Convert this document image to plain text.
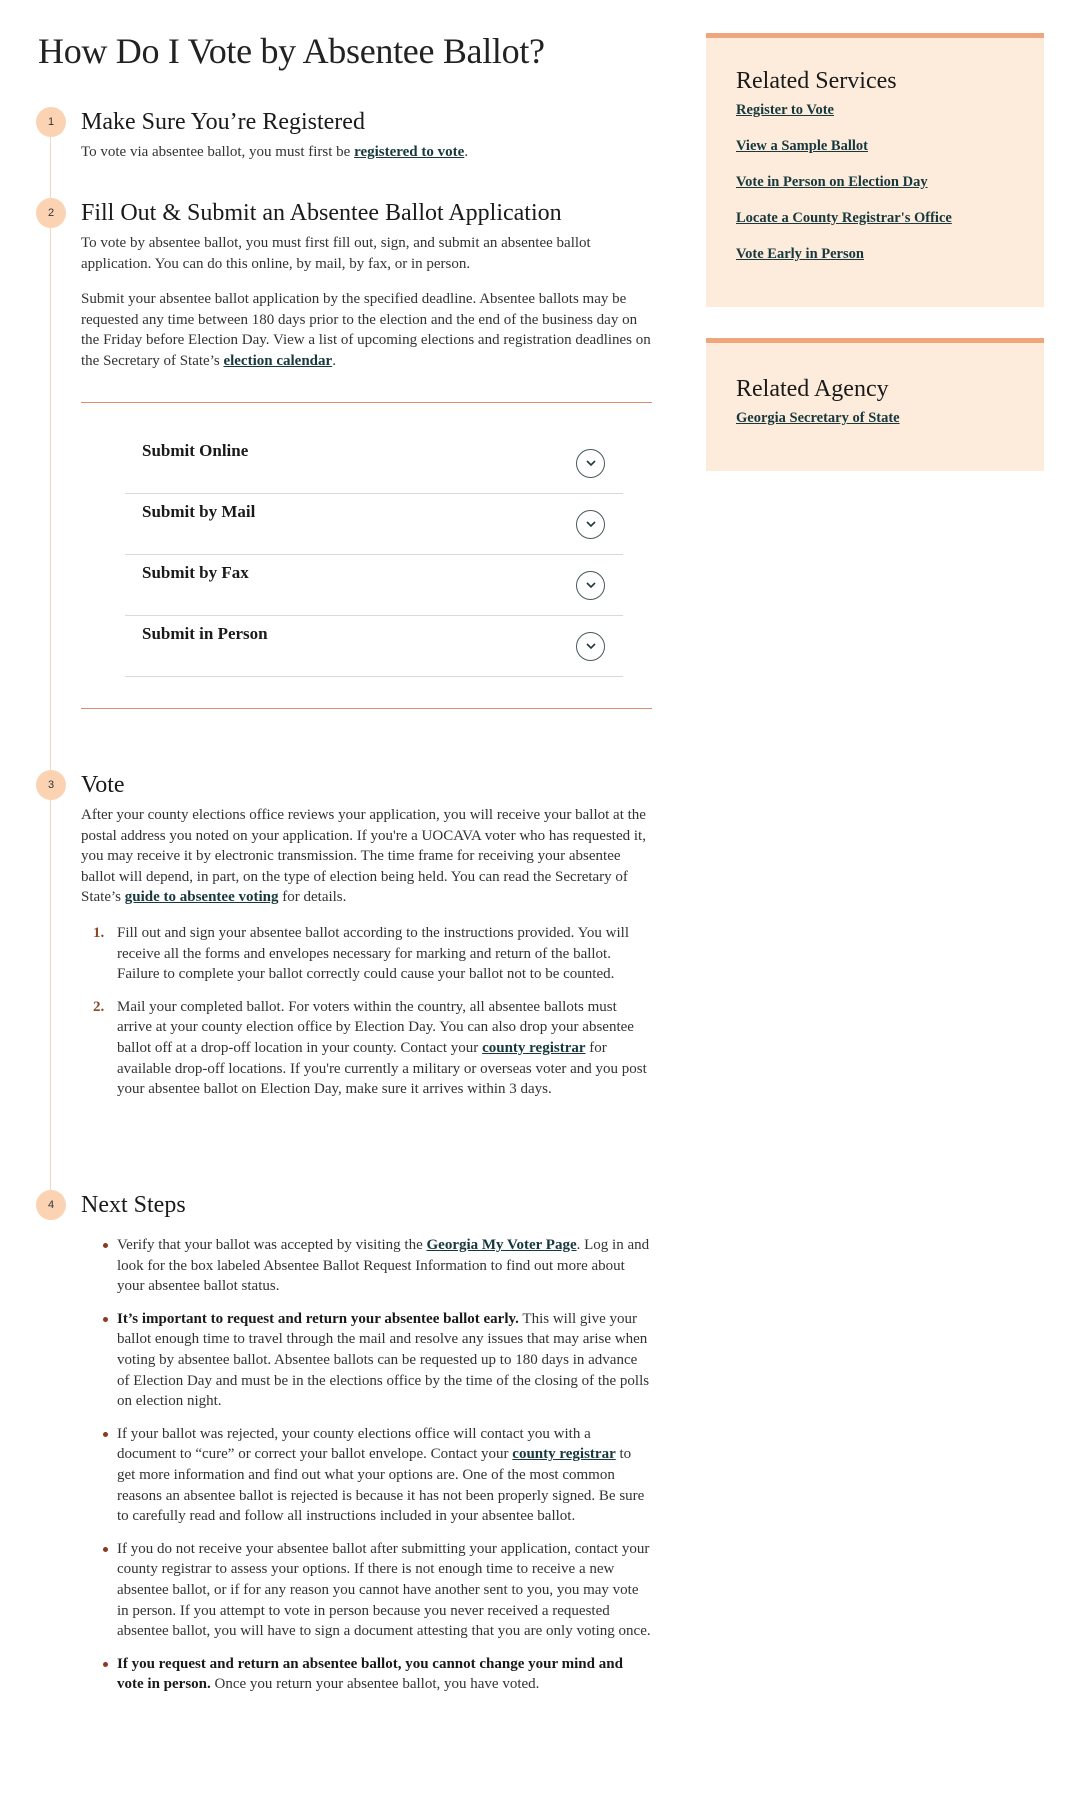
How Do I Vote by Absentee Ballot?
1	Make Sure You’re Registered

To vote via absentee ballot, you must first be registered to vote.

2	Fill Out & Submit an Absentee Ballot Application

To vote by absentee ballot, you must first fill out, sign, and submit an absentee ballot application. You can do this online, by mail, by fax, or in person.

Submit your absentee ballot application by the specified deadline. Absentee ballots may be requested any time between 180 days prior to the election and the end of the business day on the Friday before Election Day. View a list of upcoming elections and registration deadlines on the Secretary of State’s election calendar.

Submit Online
Submit by Mail
Submit by Fax
Submit in Person
3	Vote

After your county elections office reviews your application, you will receive your ballot at the postal address you noted on your application. If you're a UOCAVA voter who has requested it, you may receive it by electronic transmission. The time frame for receiving your absentee ballot will depend, in part, on the type of election being held. You can read the Secretary of State’s guide to absentee voting for details.

1. Fill out and sign your absentee ballot according to the instructions provided. You will receive all the forms and envelopes necessary for marking and return of the ballot. Failure to complete your ballot correctly could cause your ballot not to be counted.
2. Mail your completed ballot. For voters within the country, all absentee ballots must arrive at your county election office by Election Day. You can also drop your absentee ballot off at a drop-off location in your county. Contact your county registrar for available drop-off locations. If you're currently a military or overseas voter and you post your absentee ballot on Election Day, make sure it arrives within 3 days.
4	Next Steps
Verify that your ballot was accepted by visiting the Georgia My Voter Page. Log in and look for the box labeled Absentee Ballot Request Information to find out more about your absentee ballot status.
It’s important to request and return your absentee ballot early. This will give your ballot enough time to travel through the mail and resolve any issues that may arise when voting by absentee ballot. Absentee ballots can be requested up to 180 days in advance of Election Day and must be in the elections office by the time of the closing of the polls on election night.
If your ballot was rejected, your county elections office will contact you with a document to “cure” or correct your ballot envelope. Contact your county registrar to get more information and find out what your options are. One of the most common reasons an absentee ballot is rejected is because it has not been properly signed. Be sure to carefully read and follow all instructions included in your absentee ballot.
If you do not receive your absentee ballot after submitting your application, contact your county registrar to assess your options. If there is not enough time to receive a new absentee ballot, or if for any reason you cannot have another sent to you, you may vote in person. If you attempt to vote in person because you never received a requested absentee ballot, you will have to sign a document attesting that you are only voting once.
If you request and return an absentee ballot, you cannot change your mind and vote in person. Once you return your absentee ballot, you have voted.
Related Services
Register to Vote
View a Sample Ballot
Vote in Person on Election Day
Locate a County Registrar's Office
Vote Early in Person
Related Agency
Georgia Secretary of State
